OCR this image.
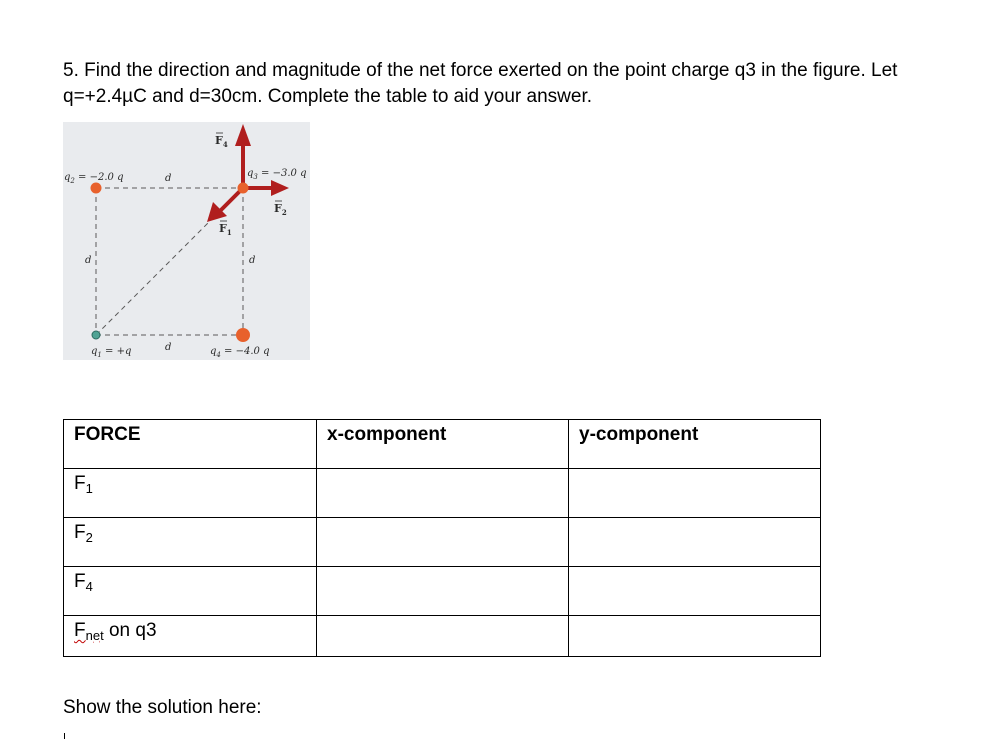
5. Find the direction and magnitude of the net force exerted on the point charge q3 in the figure. Let q=+2.4µC and d=30cm. Complete the table to aid your answer.

$q_2 = -2.0$ q	$q_3 = -3.0$ q
$q_1 = +q$	$q_4 = -4.0$ q
d
d	d
d
$F_4$
$F_2$
$F_1$
FORCE	x-component	y-component
$F_1$		
$F_2$		
$F_4$		
$F_{net}$ on q3		

Show the solution here:
